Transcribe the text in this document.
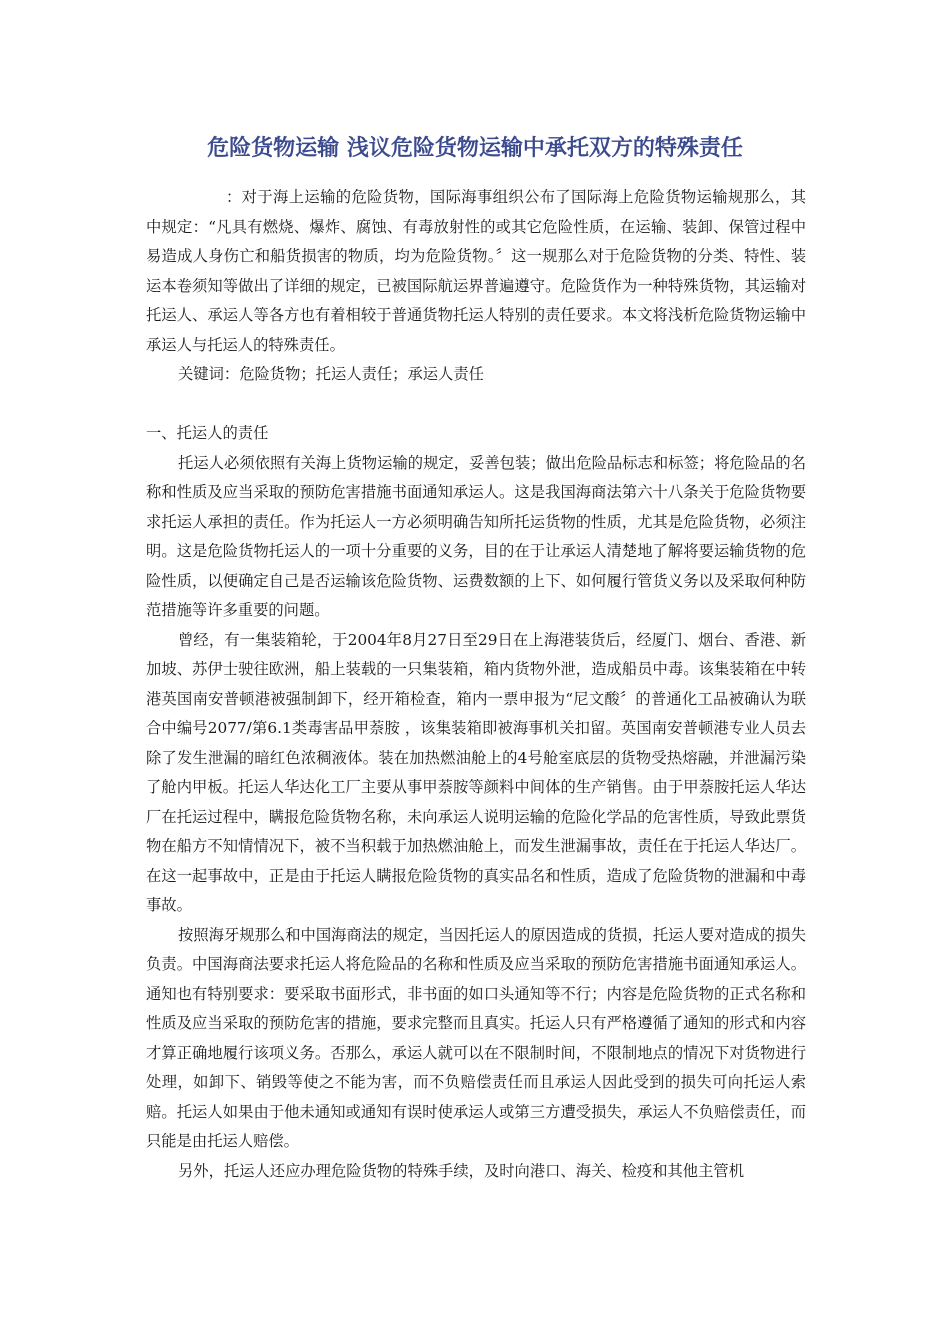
危险货物运输 浅议危险货物运输中承托双方的特殊责任

：对于海上运输的危险货物，国际海事组织公布了国际海上危险货物运输规那么，其中规定：“凡具有燃烧、爆炸、腐蚀、有毒放射性的或其它危险性质，在运输、装卸、保管过程中易造成人身伤亡和船货损害的物质，均为危险货物。〞这一规那么对于危险货物的分类、特性、装运本卷须知等做出了详细的规定，已被国际航运界普遍遵守。危险货作为一种特殊货物，其运输对托运人、承运人等各方也有着相较于普通货物托运人特别的责任要求。本文将浅析危险货物运输中承运人与托运人的特殊责任。

关键词：危险货物；托运人责任；承运人责任

一、托运人的责任

托运人必须依照有关海上货物运输的规定，妥善包装；做出危险品标志和标签；将危险品的名称和性质及应当采取的预防危害措施书面通知承运人。这是我国海商法第六十八条关于危险货物要求托运人承担的责任。作为托运人一方必须明确告知所托运货物的性质，尤其是危险货物，必须注明。这是危险货物托运人的一项十分重要的义务，目的在于让承运人清楚地了解将要运输货物的危险性质，以便确定自己是否运输该危险货物、运费数额的上下、如何履行管货义务以及采取何种防范措施等许多重要的问题。

曾经，有一集装箱轮，于2004年8月27日至29日在上海港装货后，经厦门、烟台、香港、新加坡、苏伊士驶往欧洲，船上装载的一只集装箱，箱内货物外泄，造成船员中毒。该集装箱在中转港英国南安普顿港被强制卸下，经开箱检查，箱内一票申报为“尼文酸〞的普通化工品被确认为联合中编号2077/第6.1类毒害品甲萘胺 ，该集装箱即被海事机关扣留。英国南安普顿港专业人员去除了发生泄漏的暗红色浓稠液体。装在加热燃油舱上的4号舱室底层的货物受热熔融，并泄漏污染了舱内甲板。托运人华达化工厂主要从事甲萘胺等颜料中间体的生产销售。由于甲萘胺托运人华达厂在托运过程中，瞒报危险货物名称，未向承运人说明运输的危险化学品的危害性质，导致此票货物在船方不知情情况下，被不当积载于加热燃油舱上，而发生泄漏事故，责任在于托运人华达厂。在这一起事故中，正是由于托运人瞒报危险货物的真实品名和性质，造成了危险货物的泄漏和中毒事故。

按照海牙规那么和中国海商法的规定，当因托运人的原因造成的货损，托运人要对造成的损失负责。中国海商法要求托运人将危险品的名称和性质及应当采取的预防危害措施书面通知承运人。通知也有特别要求：要采取书面形式，非书面的如口头通知等不行；内容是危险货物的正式名称和性质及应当采取的预防危害的措施，要求完整而且真实。托运人只有严格遵循了通知的形式和内容才算正确地履行该项义务。否那么，承运人就可以在不限制时间，不限制地点的情况下对货物进行处理，如卸下、销毁等使之不能为害，而不负赔偿责任而且承运人因此受到的损失可向托运人索赔。托运人如果由于他未通知或通知有误时使承运人或第三方遭受损失，承运人不负赔偿责任，而只能是由托运人赔偿。

另外，托运人还应办理危险货物的特殊手续，及时向港口、海关、检疫和其他主管机
